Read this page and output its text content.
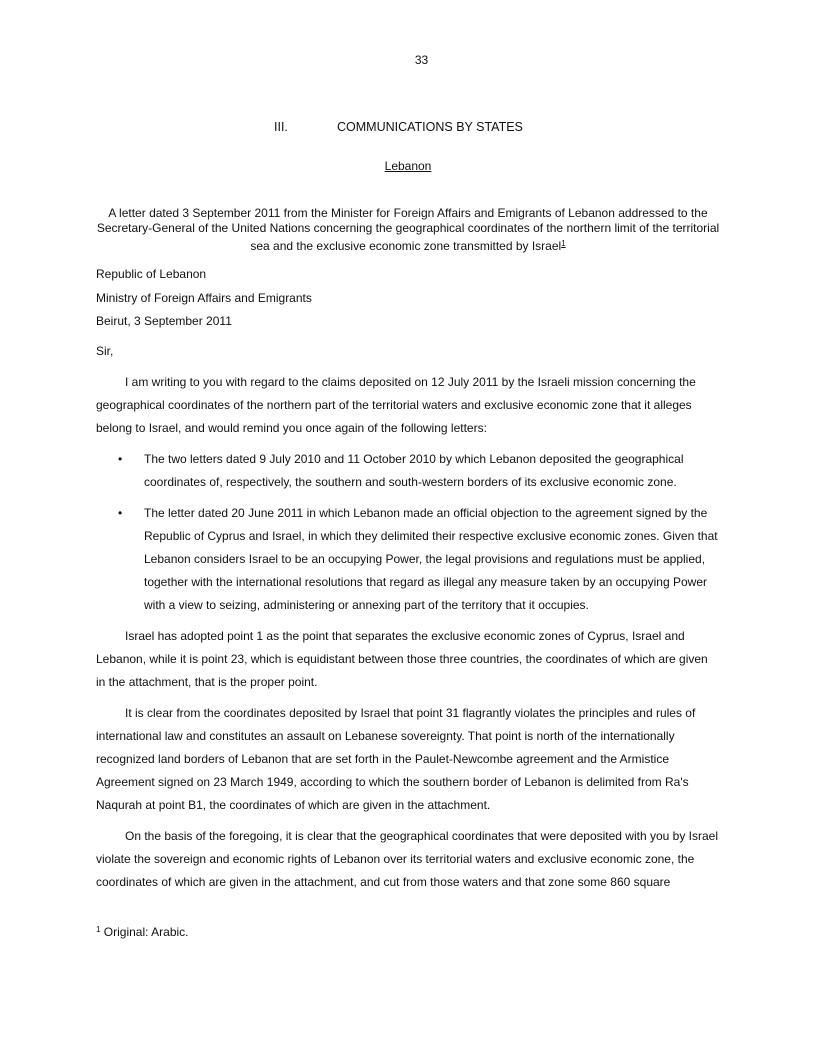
33
III.	COMMUNICATIONS BY STATES
Lebanon
A letter dated 3 September 2011 from the Minister for Foreign Affairs and Emigrants of Lebanon addressed to the Secretary-General of the United Nations concerning the geographical coordinates of the northern limit of the territorial sea and the exclusive economic zone transmitted by Israel$^1$
Republic of Lebanon
Ministry of Foreign Affairs and Emigrants
Beirut, 3 September 2011
Sir,

I am writing to you with regard to the claims deposited on 12 July 2011 by the Israeli mission concerning the geographical coordinates of the northern part of the territorial waters and exclusive economic zone that it alleges belong to Israel, and would remind you once again of the following letters:

• The two letters dated 9 July 2010 and 11 October 2010 by which Lebanon deposited the geographical coordinates of, respectively, the southern and south-western borders of its exclusive economic zone.
• The letter dated 20 June 2011 in which Lebanon made an official objection to the agreement signed by the Republic of Cyprus and Israel, in which they delimited their respective exclusive economic zones. Given that Lebanon considers Israel to be an occupying Power, the legal provisions and regulations must be applied, together with the international resolutions that regard as illegal any measure taken by an occupying Power with a view to seizing, administering or annexing part of the territory that it occupies.

Israel has adopted point 1 as the point that separates the exclusive economic zones of Cyprus, Israel and Lebanon, while it is point 23, which is equidistant between those three countries, the coordinates of which are given in the attachment, that is the proper point.

It is clear from the coordinates deposited by Israel that point 31 flagrantly violates the principles and rules of international law and constitutes an assault on Lebanese sovereignty. That point is north of the internationally recognized land borders of Lebanon that are set forth in the Paulet-Newcombe agreement and the Armistice Agreement signed on 23 March 1949, according to which the southern border of Lebanon is delimited from Ra's Naqurah at point B1, the coordinates of which are given in the attachment.

On the basis of the foregoing, it is clear that the geographical coordinates that were deposited with you by Israel violate the sovereign and economic rights of Lebanon over its territorial waters and exclusive economic zone, the coordinates of which are given in the attachment, and cut from those waters and that zone some 860 square

$^1$ Original: Arabic.
